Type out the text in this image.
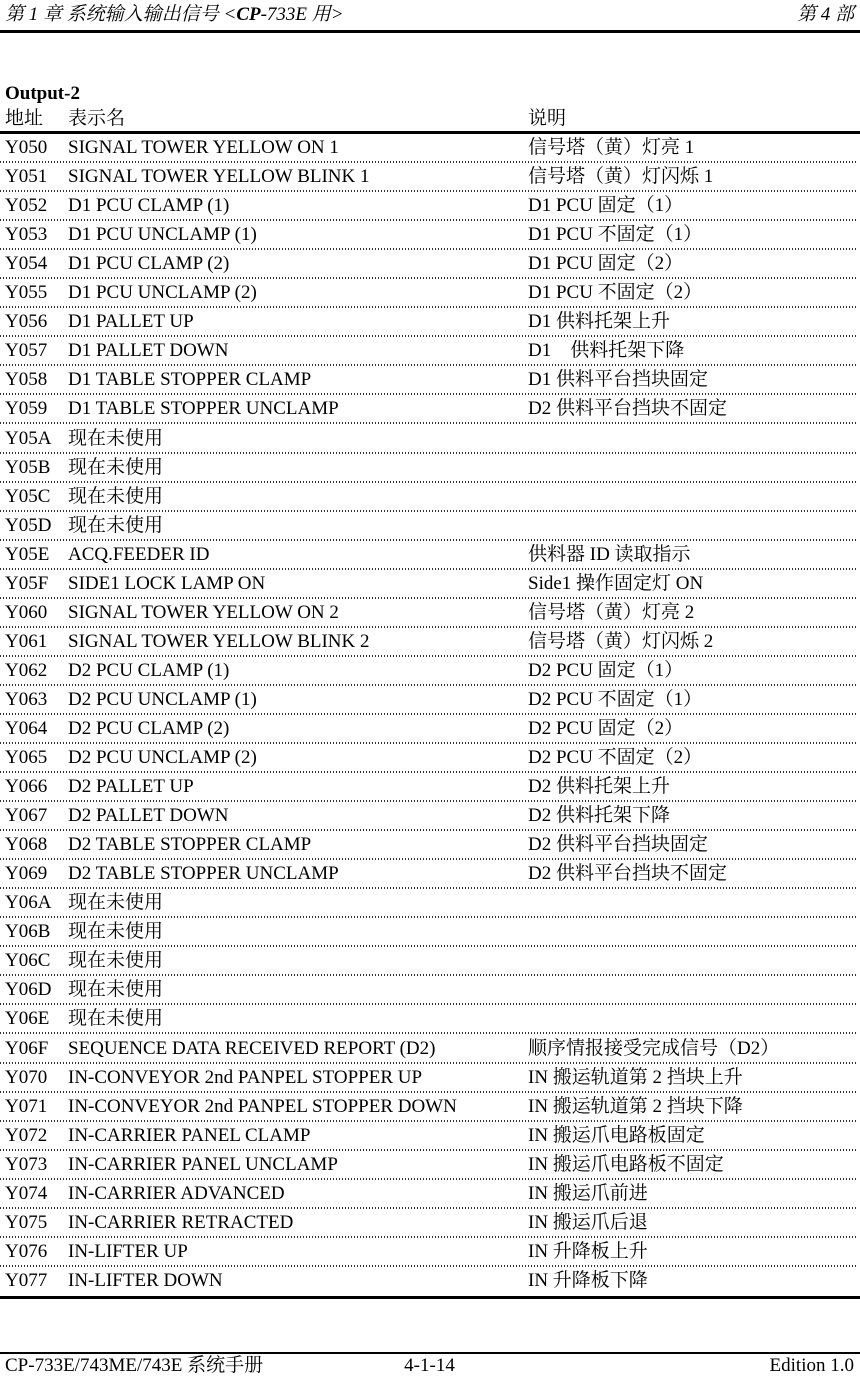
第 1 章 系统输入输出信号 <CP-733E 用>	第 4 部
Output-2
地址 表示名	说明
Y050 SIGNAL TOWER YELLOW ON 1	信号塔（黄）灯亮 1
Y051 SIGNAL TOWER YELLOW BLINK 1	信号塔（黄）灯闪烁 1
Y052 D1 PCU CLAMP (1)	D1 PCU 固定（1）
Y053 D1 PCU UNCLAMP (1)	D1 PCU 不固定（1）
Y054 D1 PCU CLAMP (2)	D1 PCU 固定（2）
Y055 D1 PCU UNCLAMP (2)	D1 PCU 不固定（2）
Y056 D1 PALLET UP	D1 供料托架上升
Y057 D1 PALLET DOWN	D1　供料托架下降
Y058 D1 TABLE STOPPER CLAMP	D1 供料平台挡块固定
Y059 D1 TABLE STOPPER UNCLAMP	D2 供料平台挡块不固定
Y05A 现在未使用
Y05B 现在未使用
Y05C 现在未使用
Y05D 现在未使用
Y05E ACQ.FEEDER ID	供料器 ID 读取指示
Y05F SIDE1 LOCK LAMP ON	Side1 操作固定灯 ON
Y060 SIGNAL TOWER YELLOW ON 2	信号塔（黄）灯亮 2
Y061 SIGNAL TOWER YELLOW BLINK 2	信号塔（黄）灯闪烁 2
Y062 D2 PCU CLAMP (1)	D2 PCU 固定（1）
Y063 D2 PCU UNCLAMP (1)	D2 PCU 不固定（1）
Y064 D2 PCU CLAMP (2)	D2 PCU 固定（2）
Y065 D2 PCU UNCLAMP (2)	D2 PCU 不固定（2）
Y066 D2 PALLET UP	D2 供料托架上升
Y067 D2 PALLET DOWN	D2 供料托架下降
Y068 D2 TABLE STOPPER CLAMP	D2 供料平台挡块固定
Y069 D2 TABLE STOPPER UNCLAMP	D2 供料平台挡块不固定
Y06A 现在未使用
Y06B 现在未使用
Y06C 现在未使用
Y06D 现在未使用
Y06E 现在未使用
Y06F SEQUENCE DATA RECEIVED REPORT (D2)	顺序情报接受完成信号（D2）
Y070 IN-CONVEYOR 2nd PANPEL STOPPER UP	IN 搬运轨道第 2 挡块上升
Y071 IN-CONVEYOR 2nd PANPEL STOPPER DOWN	IN 搬运轨道第 2 挡块下降
Y072 IN-CARRIER PANEL CLAMP	IN 搬运爪电路板固定
Y073 IN-CARRIER PANEL UNCLAMP	IN 搬运爪电路板不固定
Y074 IN-CARRIER ADVANCED	IN 搬运爪前进
Y075 IN-CARRIER RETRACTED	IN 搬运爪后退
Y076 IN-LIFTER UP	IN 升降板上升
Y077 IN-LIFTER DOWN	IN 升降板下降
4-1-14
CP-733E/743ME/743E 系统手册	Edition 1.0
